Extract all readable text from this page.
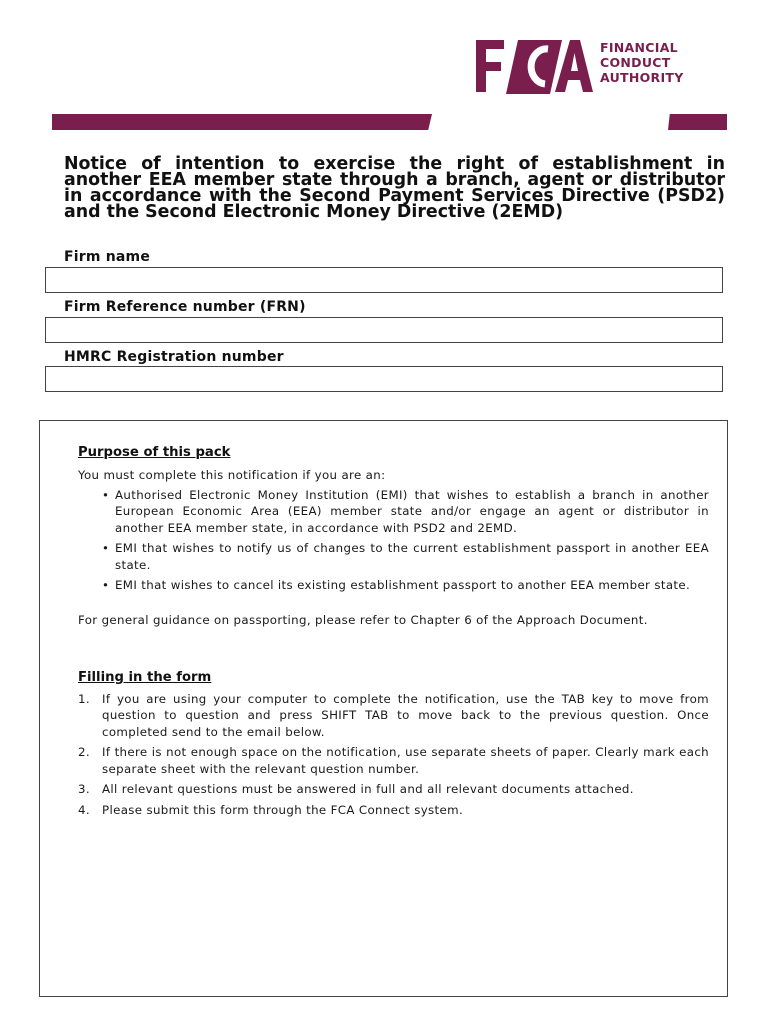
FINANCIAL
CONDUCT
AUTHORITY
Notice of intention to exercise the right of establishment in another EEA member state through a branch, agent or distributor in accordance with the Second Payment Services Directive (PSD2) and the Second Electronic Money Directive (2EMD)
Firm name
Firm Reference number (FRN)
HMRC Registration number
Purpose of this pack

You must complete this notification if you are an:

• Authorised Electronic Money Institution (EMI) that wishes to establish a branch in another European Economic Area (EEA) member state and/or engage an agent or distributor in another EEA member state, in accordance with PSD2 and 2EMD.
• EMI that wishes to notify us of changes to the current establishment passport in another EEA state.
• EMI that wishes to cancel its existing establishment passport to another EEA member state.

For general guidance on passporting, please refer to Chapter 6 of the Approach Document.

Filling in the form
1. If you are using your computer to complete the notification, use the TAB key to move from question to question and press SHIFT TAB to move back to the previous question. Once completed send to the email below.
2. If there is not enough space on the notification, use separate sheets of paper. Clearly mark each separate sheet with the relevant question number.
3. All relevant questions must be answered in full and all relevant documents attached.
4. Please submit this form through the FCA Connect system.
